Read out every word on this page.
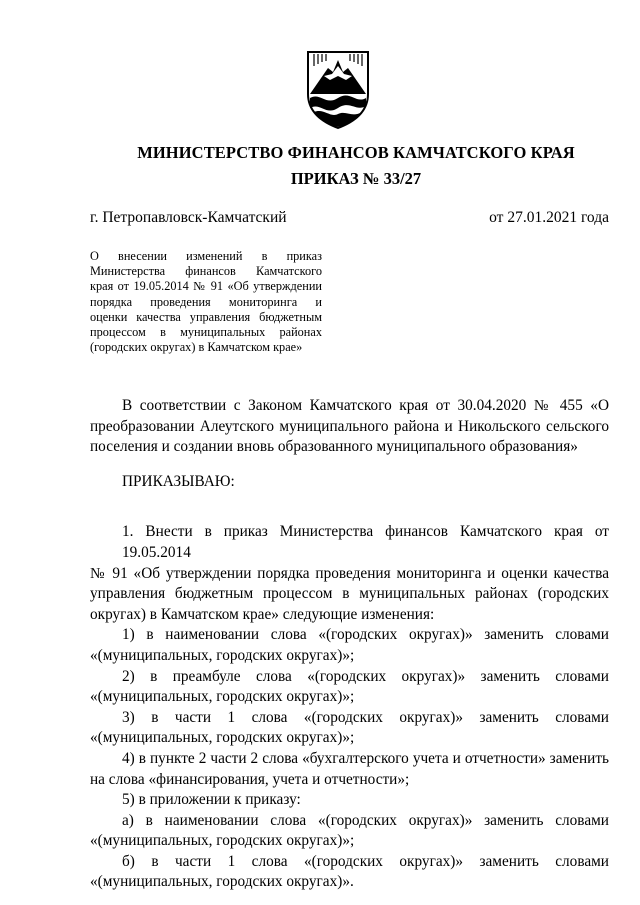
МИНИСТЕРСТВО ФИНАНСОВ КАМЧАТСКОГО КРАЯ
ПРИКАЗ № 33/27
г. Петропавловск-Камчатский	от 27.01.2021 года
О внесении изменений в приказ
Министерства финансов Камчатского
края от 19.05.2014 № 91 «Об утверждении
порядка проведения мониторинга и
оценки качества управления бюджетным
процессом в муниципальных районах
(городских округах) в Камчатском крае»
В соответствии с Законом Камчатского края от 30.04.2020 № 455 «О
преобразовании Алеутского муниципального района и Никольского сельского
поселения и создании вновь образованного муниципального образования»
ПРИКАЗЫВАЮ:
1. Внести в приказ Министерства финансов Камчатского края от 19.05.2014
№ 91 «Об утверждении порядка проведения мониторинга и оценки качества
управления бюджетным процессом в муниципальных районах (городских
округах) в Камчатском крае» следующие изменения:
1) в наименовании слова «(городских округах)» заменить словами
«(муниципальных, городских округах)»;
2) в преамбуле слова «(городских округах)» заменить словами
«(муниципальных, городских округах)»;
3) в части 1 слова «(городских округах)» заменить словами
«(муниципальных, городских округах)»;
4) в пункте 2 части 2 слова «бухгалтерского учета и отчетности» заменить
на слова «финансирования, учета и отчетности»;
5) в приложении к приказу:
а) в наименовании слова «(городских округах)» заменить словами
«(муниципальных, городских округах)»;
б) в части 1 слова «(городских округах)» заменить словами
«(муниципальных, городских округах)».
